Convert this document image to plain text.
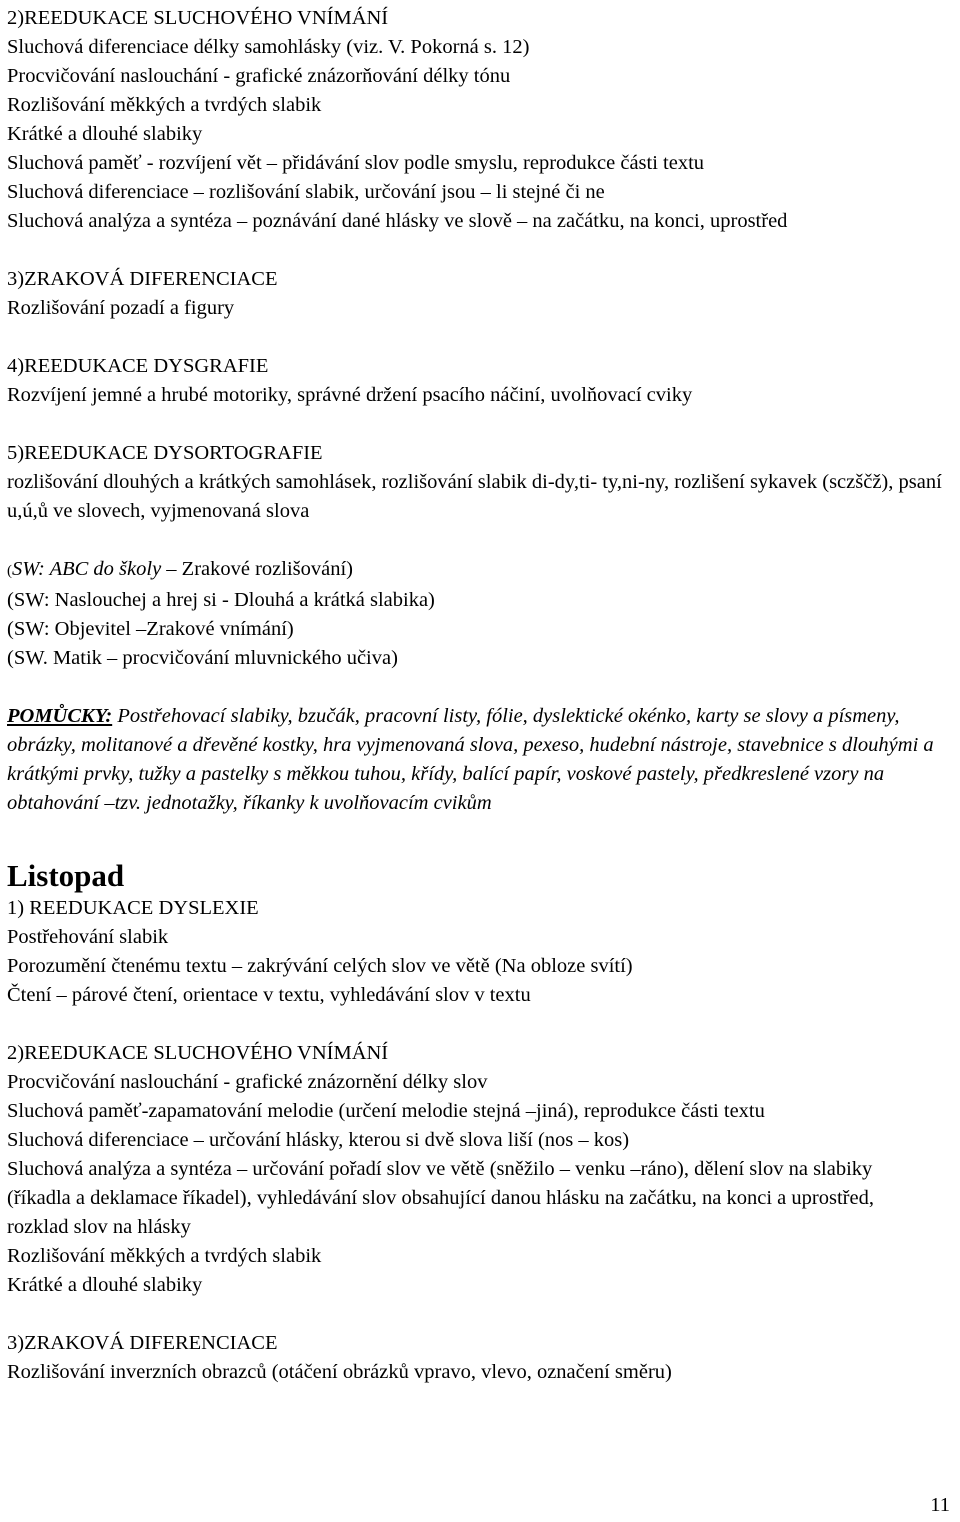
2)REEDUKACE SLUCHOVÉHO VNÍMÁNÍ
Sluchová diferenciace délky samohlásky (viz. V. Pokorná s. 12)
Procvičování naslouchání - grafické znázorňování délky tónu
Rozlišování měkkých a tvrdých slabik
Krátké a dlouhé slabiky
Sluchová paměť - rozvíjení vět – přidávání slov podle smyslu, reprodukce části textu
Sluchová diferenciace – rozlišování slabik, určování jsou – li stejné či ne
Sluchová analýza a syntéza – poznávání dané hlásky ve slově – na začátku, na konci, uprostřed
3)ZRAKOVÁ DIFERENCIACE
Rozlišování pozadí a figury
4)REEDUKACE DYSGRAFIE
Rozvíjení jemné a hrubé motoriky, správné držení psacího náčiní, uvolňovací cviky
5)REEDUKACE DYSORTOGRAFIE
rozlišování dlouhých a krátkých samohlásek, rozlišování slabik di-dy,ti- ty,ni-ny, rozlišení sykavek (sczščž), psaní u,ú,ů ve slovech, vyjmenovaná slova
(SW: ABC do školy – Zrakové rozlišování)
(SW: Naslouchej a hrej si - Dlouhá a krátká slabika)
(SW: Objevitel –Zrakové vnímání)
(SW. Matik – procvičování mluvnického učiva)
POMŮCKY: Postřehovací slabiky, bzučák, pracovní listy, fólie, dyslektické okénko, karty se slovy a písmeny, obrázky, molitanové a dřevěné kostky, hra vyjmenovaná slova, pexeso, hudební nástroje, stavebnice s dlouhými a krátkými prvky, tužky a pastelky s měkkou tuhou, křídy, balící papír, voskové pastely, předkreslené vzory na obtahování –tzv. jednotažky, říkanky k uvolňovacím cvikům
Listopad
1) REEDUKACE DYSLEXIE
Postřehování slabik
Porozumění čtenému textu – zakrývání celých slov ve větě (Na obloze svítí)
Čtení – párové čtení, orientace v textu, vyhledávání slov v textu
2)REEDUKACE SLUCHOVÉHO VNÍMÁNÍ
Procvičování naslouchání - grafické znázornění délky slov
Sluchová paměť-zapamatování melodie (určení melodie stejná –jiná), reprodukce části textu
Sluchová diferenciace – určování hlásky, kterou si dvě slova liší (nos – kos)
Sluchová analýza a syntéza – určování pořadí slov ve větě (sněžilo – venku –ráno), dělení slov na slabiky (říkadla a deklamace říkadel), vyhledávání slov obsahující danou hlásku na začátku, na konci a uprostřed, rozklad slov na hlásky
Rozlišování měkkých a tvrdých slabik
Krátké a dlouhé slabiky
3)ZRAKOVÁ DIFERENCIACE
Rozlišování inverzních obrazců (otáčení obrázků vpravo, vlevo, označení směru)
11
